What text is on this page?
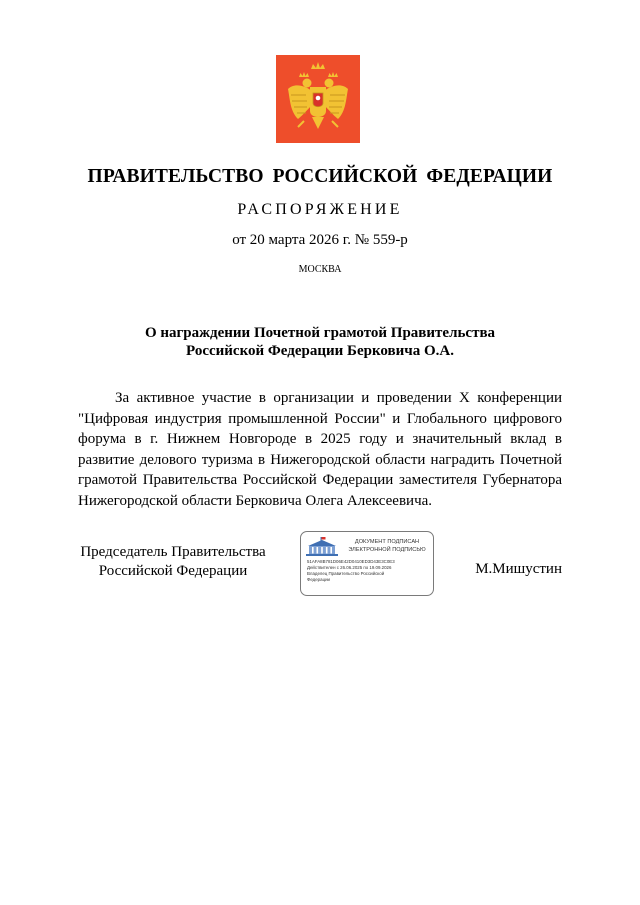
ПРАВИТЕЛЬСТВО РОССИЙСКОЙ ФЕДЕРАЦИИ
РАСПОРЯЖЕНИЕ
от 20 марта 2026 г. № 559-р
МОСКВА
О награждении Почетной грамотой Правительства
Российской Федерации Берковича О.А.

За активное участие в организации и проведении X конференции "Цифровая индустрия промышленной России" и Глобального цифрового форума в г. Нижнем Новгороде в 2025 году и значительный вклад в развитие делового туризма в Нижегородской области наградить Почетной грамотой Правительства Российской Федерации заместителя Губернатора Нижегородской области Берковича Олега Алексеевича.

Председатель Правительства
Российской Федерации
ДОКУМЕНТ ПОДПИСАН
ЭЛЕКТРОННОЙ ПОДПИСЬЮ
51AFA8B781D06E42D0410ED3D43E3C0E3
Действителен с 26.06.2025 по 19.09.2026
Владелец Правительство Российской
Федерации
М.Мишустин
